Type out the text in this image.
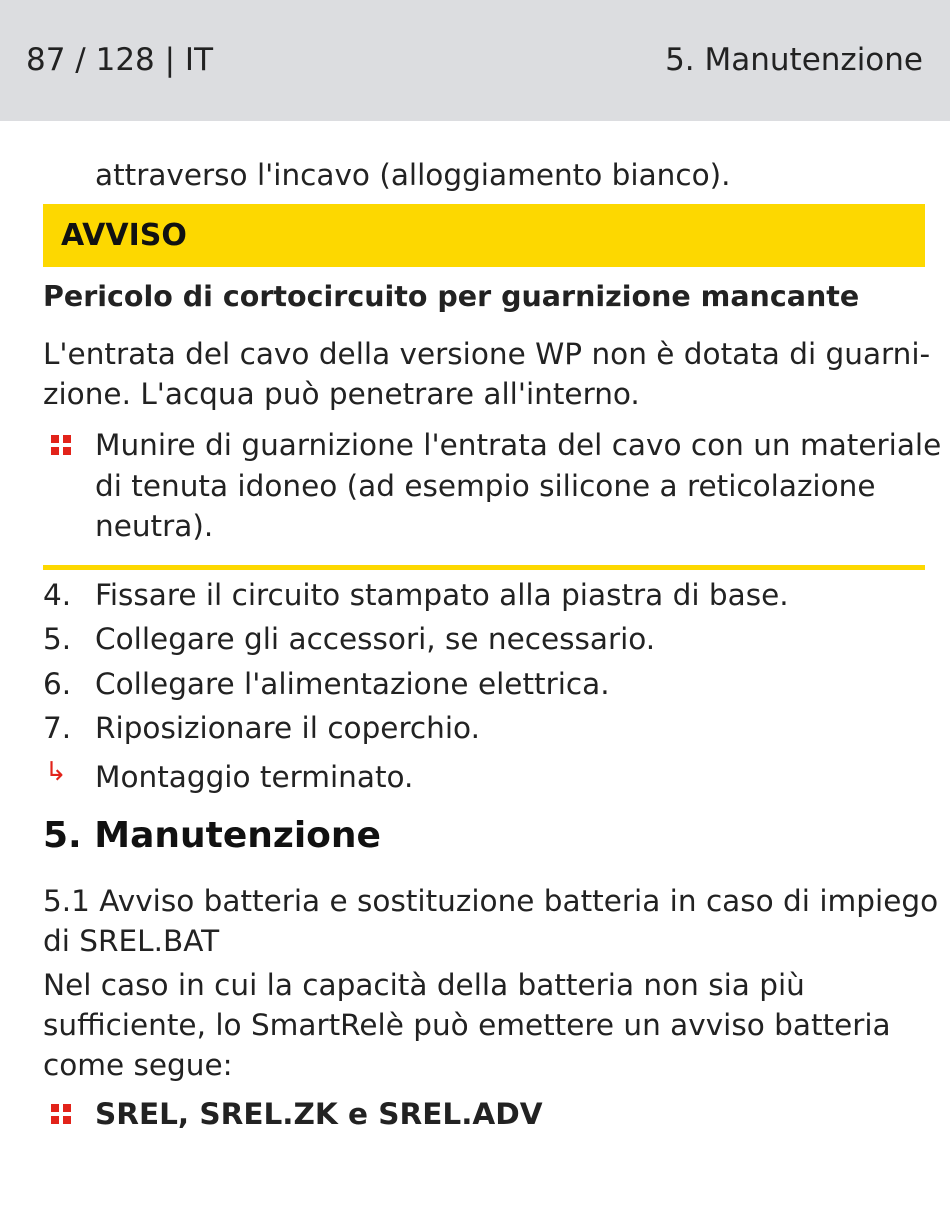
87 / 128 | IT	5. Manutenzione
attraverso l'incavo (alloggiamento bianco).
AVVISO
Pericolo di cortocircuito per guarnizione mancante
L'entrata del cavo della versione WP non è dotata di guarni-
zione. L'acqua può penetrare all'interno.
Munire di guarnizione l'entrata del cavo con un materiale
di tenuta idoneo (ad esempio silicone a reticolazione
neutra).
4. Fissare il circuito stampato alla piastra di base.
5. Collegare gli accessori, se necessario.
6. Collegare l'alimentazione elettrica.
7. Riposizionare il coperchio.
↳ Montaggio terminato.
5. Manutenzione
5.1 Avviso batteria e sostituzione batteria in caso di impiego
di SREL.BAT
Nel caso in cui la capacità della batteria non sia più
sufficiente, lo SmartRelè può emettere un avviso batteria
come segue:
SREL, SREL.ZK e SREL.ADV
